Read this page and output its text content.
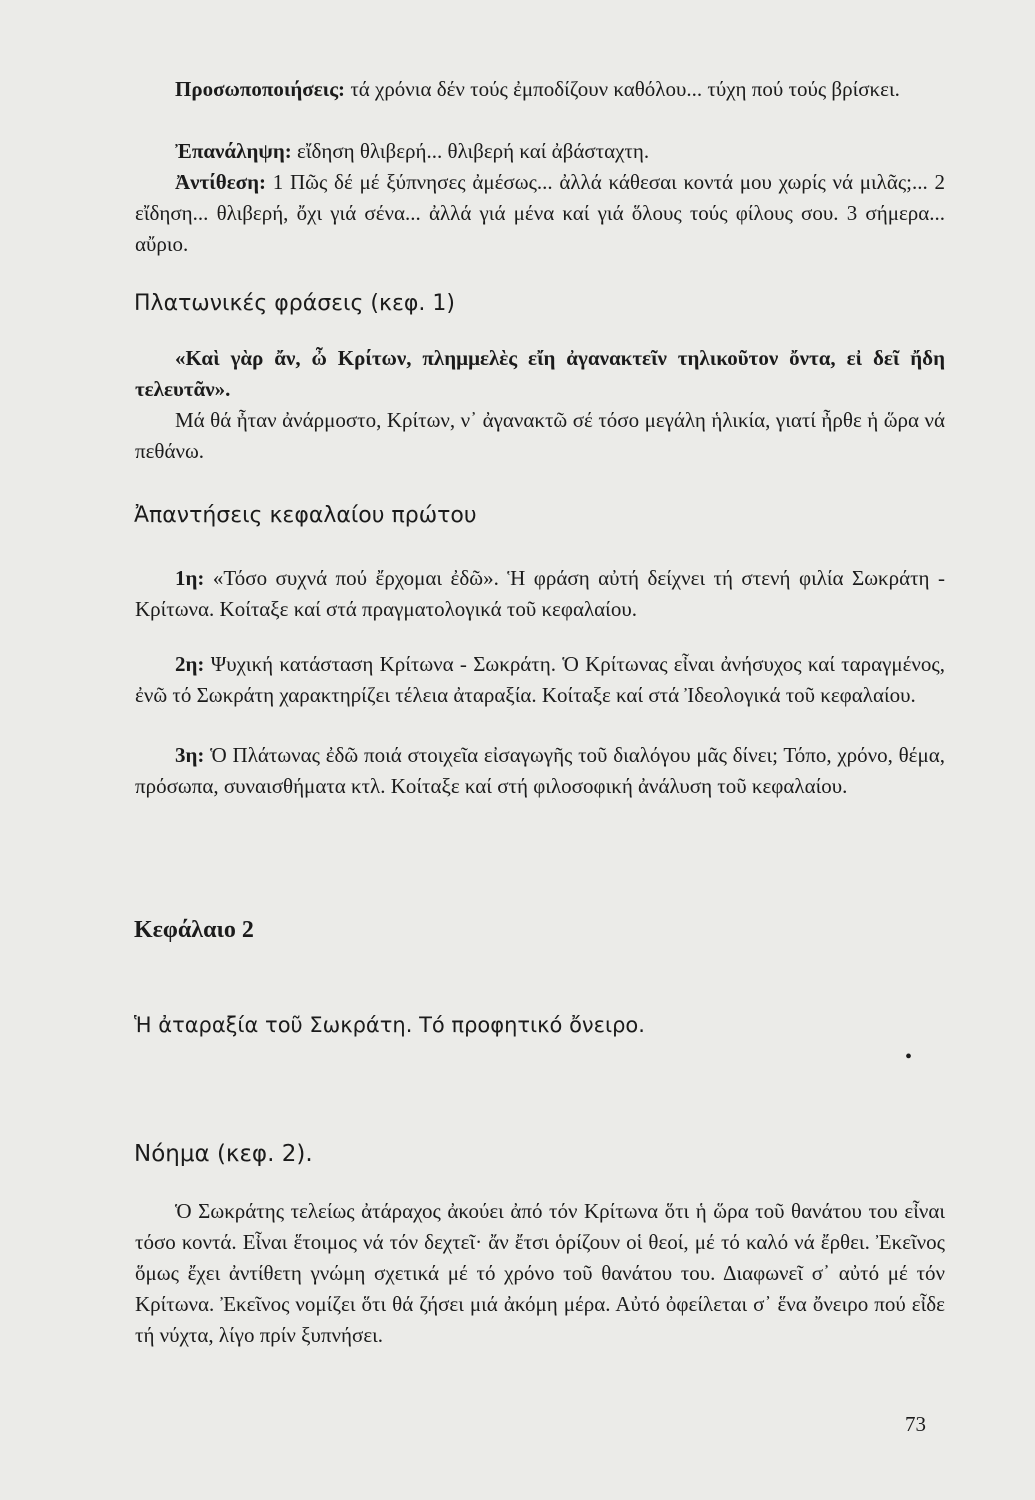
Προσωποποιήσεις: τά χρόνια δέν τούς ἐμποδίζουν καθόλου... τύχη πού τούς βρίσκει.

Ἐπανάληψη: εἴδηση θλιβερή... θλιβερή καί ἀβάσταχτη.

Ἀντίθεση: 1 Πῶς δέ μέ ξύπνησες ἀμέσως... ἀλλά κάθεσαι κοντά μου χωρίς νά μιλᾶς;... 2 εἴδηση... θλιβερή, ὄχι γιά σένα... ἀλλά γιά μένα καί γιά ὅλους τούς φίλους σου. 3 σήμερα... αὔριο.

Πλατωνικές φράσεις (κεφ. 1)

«Καὶ γὰρ ἄν, ὦ Κρίτων, πλημμελὲς εἴη ἀγανακτεῖν τηλικοῦτον ὄντα, εἰ δεῖ ἤδη τελευτᾶν».

Μά θά ἦταν ἀνάρμοστο, Κρίτων, ν᾽ ἀγανακτῶ σέ τόσο μεγάλη ἡλικία, γιατί ἦρθε ἡ ὥρα νά πεθάνω.

Ἀπαντήσεις κεφαλαίου πρώτου

1η: «Τόσο συχνά πού ἔρχομαι ἐδῶ». Ἡ φράση αὐτή δείχνει τή στενή φιλία Σωκράτη - Κρίτωνα. Κοίταξε καί στά πραγματολογικά τοῦ κεφαλαίου.

2η: Ψυχική κατάσταση Κρίτωνα - Σωκράτη. Ὁ Κρίτωνας εἶναι ἀνήσυχος καί ταραγμένος, ἐνῶ τό Σωκράτη χαρακτηρίζει τέλεια ἀταραξία. Κοίταξε καί στά Ἰδεολογικά τοῦ κεφαλαίου.

3η: Ὁ Πλάτωνας ἐδῶ ποιά στοιχεῖα εἰσαγωγῆς τοῦ διαλόγου μᾶς δίνει; Τόπο, χρόνο, θέμα, πρόσωπα, συναισθήματα κτλ. Κοίταξε καί στή φιλοσοφική ἀνάλυση τοῦ κεφαλαίου.

Κεφάλαιο 2
Ἡ ἀταραξία τοῦ Σωκράτη. Τό προφητικό ὄνειρο.
•
Νόημα (κεφ. 2).

Ὁ Σωκράτης τελείως ἀτάραχος ἀκούει ἀπό τόν Κρίτωνα ὅτι ἡ ὥρα τοῦ θανάτου του εἶναι τόσο κοντά. Εἶναι ἕτοιμος νά τόν δεχτεῖ· ἄν ἔτσι ὁρίζουν οἱ θεοί, μέ τό καλό νά ἔρθει. Ἐκεῖνος ὅμως ἔχει ἀντίθετη γνώμη σχετικά μέ τό χρόνο τοῦ θανάτου του. Διαφωνεῖ σ᾽ αὐτό μέ τόν Κρίτωνα. Ἐκεῖνος νομίζει ὅτι θά ζήσει μιά ἀκόμη μέρα. Αὐτό ὀφείλεται σ᾽ ἕνα ὄνειρο πού εἶδε τή νύχτα, λίγο πρίν ξυπνήσει.

73
